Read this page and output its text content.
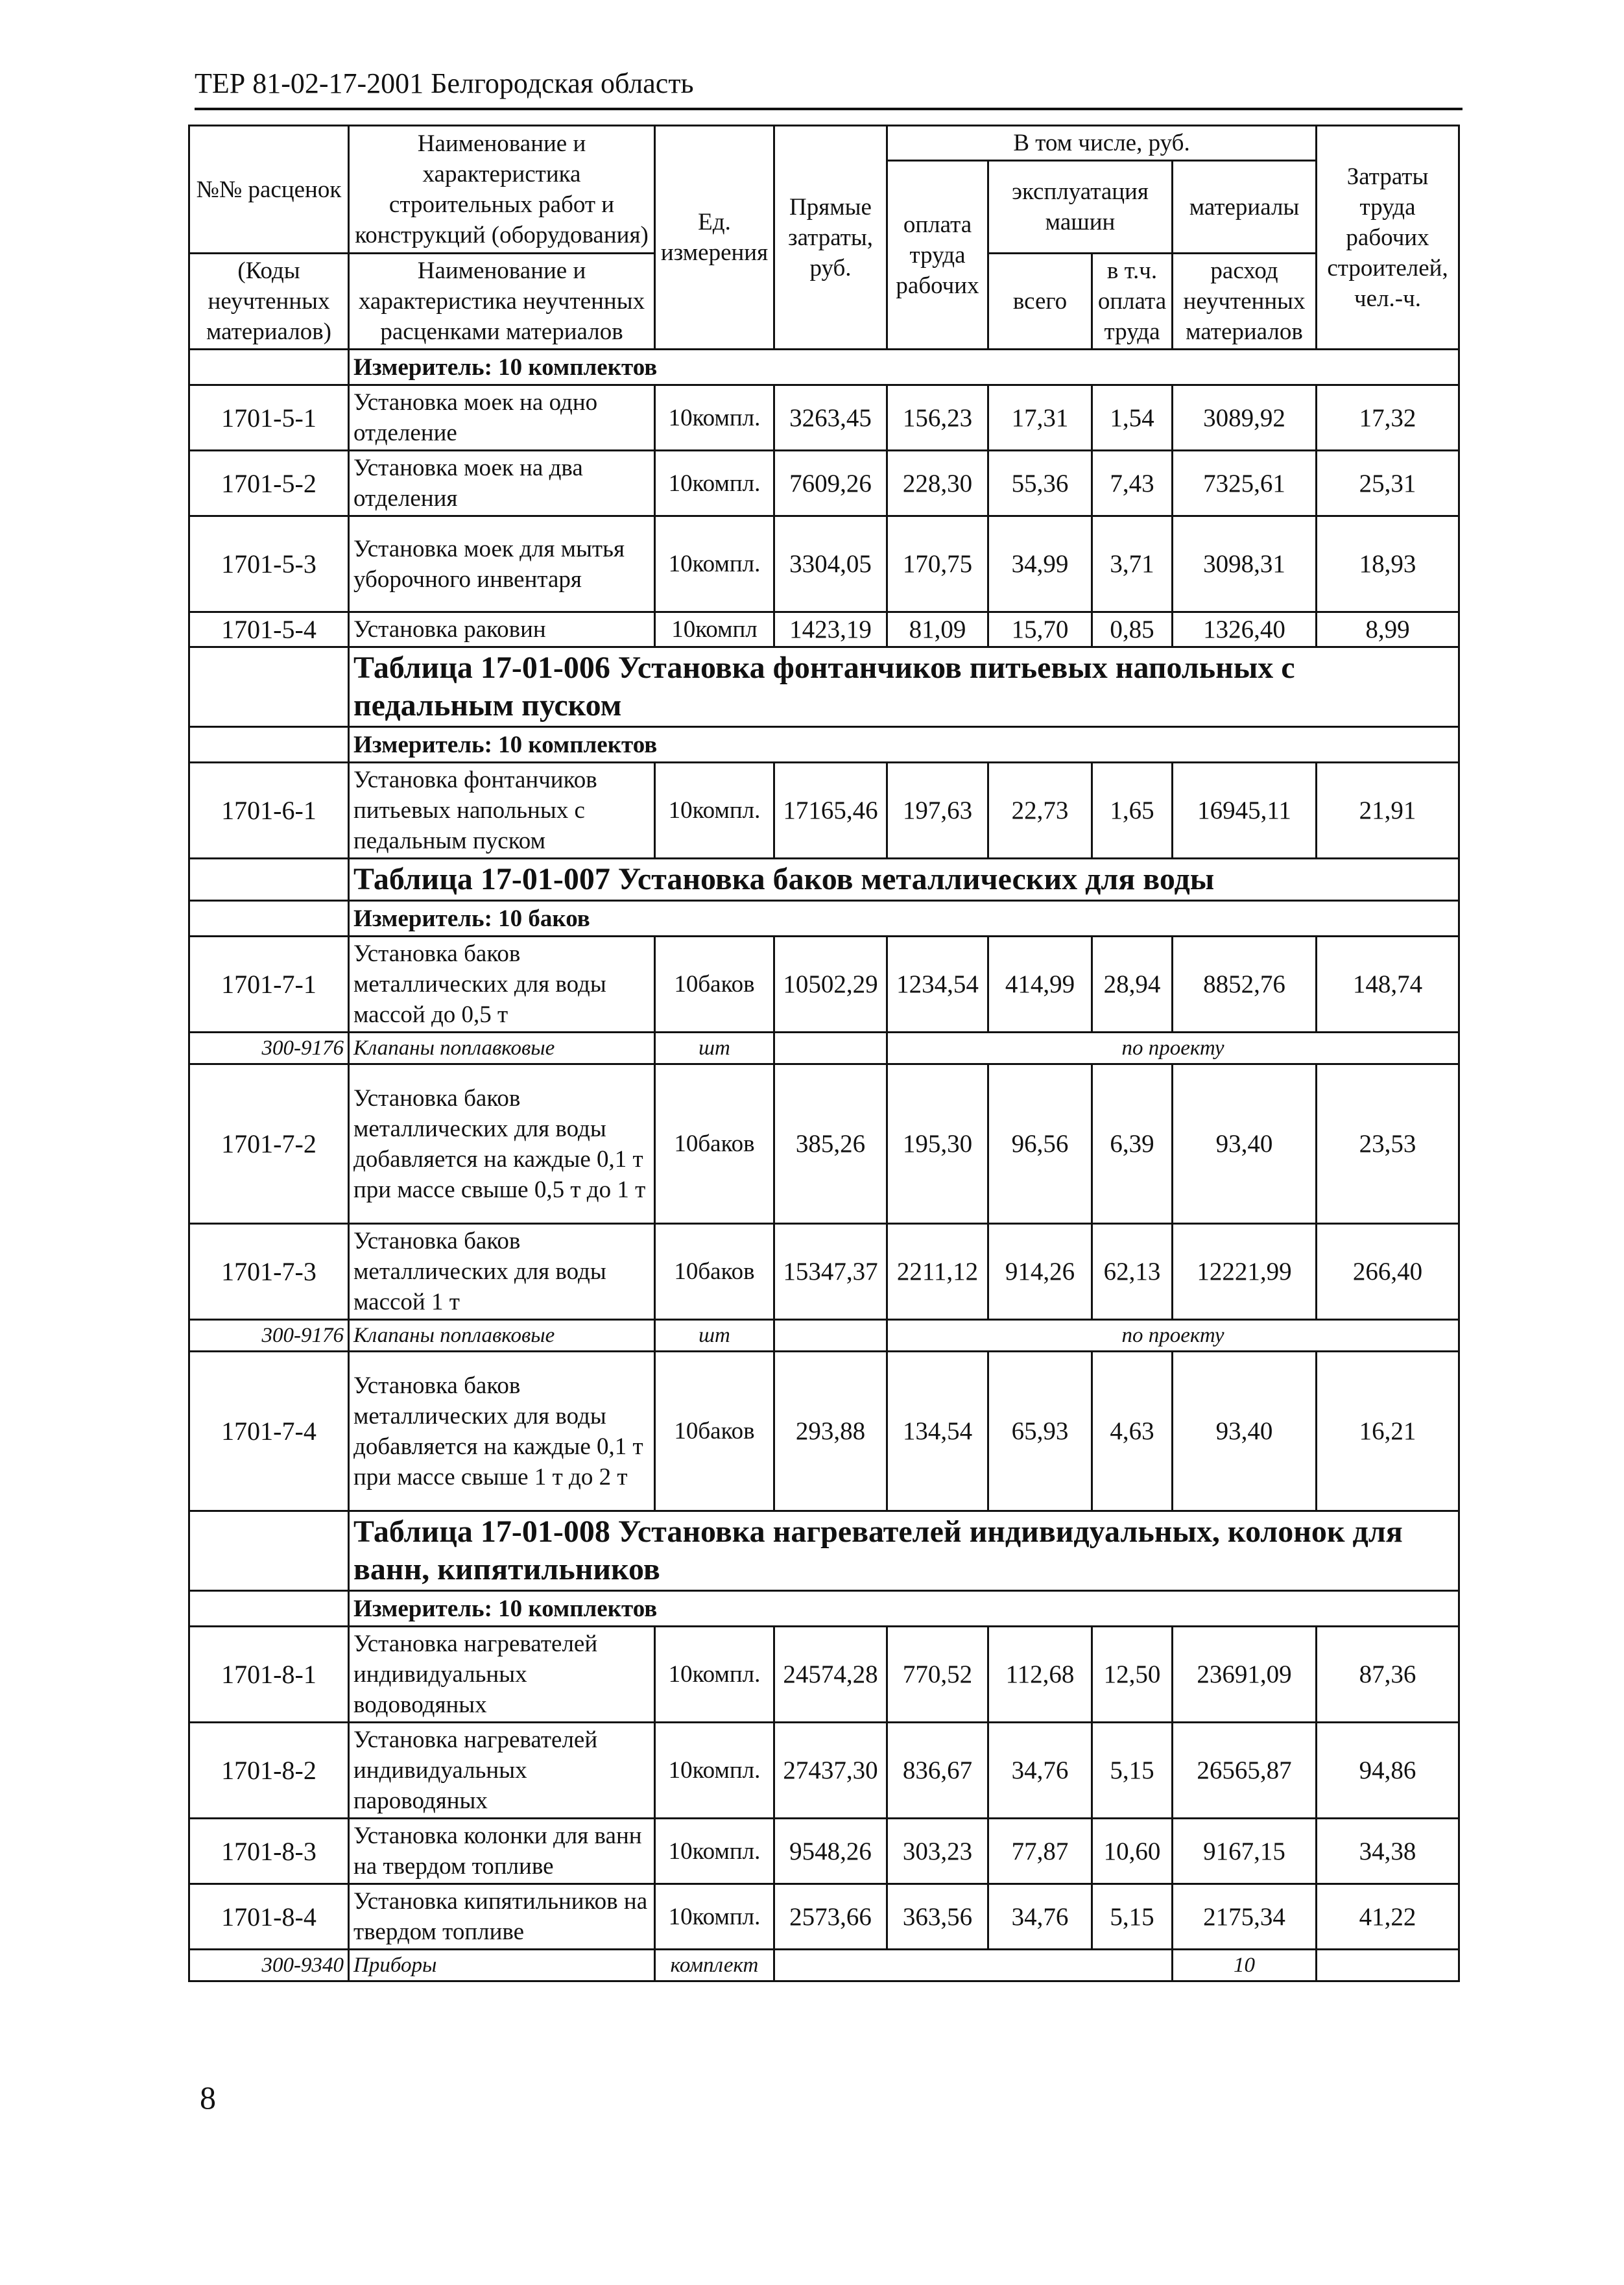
ТЕР 81-02-17-2001 Белгородская область
№№ расценок	Наименование и характеристика строительных работ и конструкций (оборудования)	Ед. измерения	Прямые затраты, руб.	В том числе, руб.				Затраты труда рабочих строителей, чел.-ч.
				оплата труда рабочих	эксплуатация машин		материалы	
(Коды неучтенных материалов)	Наименование и характеристика неучтенных расценками материалов				всего	в т.ч. оплата труда	расход неучтенных материалов	

	Измеритель: 10 комплектов							
1701-5-1	Установка моек на одно отделение	10компл.	3263,45	156,23	17,31	1,54	3089,92	17,32
1701-5-2	Установка моек на два отделения	10компл.	7609,26	228,30	55,36	7,43	7325,61	25,31
1701-5-3	Установка моек для мытья уборочного инвентаря	10компл.	3304,05	170,75	34,99	3,71	3098,31	18,93
1701-5-4	Установка раковин	10компл	1423,19	81,09	15,70	0,85	1326,40	8,99
	Таблица 17-01-006 Установка фонтанчиков питьевых напольных с педальным пуском							
	Измеритель: 10 комплектов							
1701-6-1	Установка фонтанчиков питьевых напольных с педальным пуском	10компл.	17165,46	197,63	22,73	1,65	16945,11	21,91
	Таблица 17-01-007 Установка баков металлических для воды							
	Измеритель: 10 баков							
1701-7-1	Установка баков металлических для воды массой до 0,5 т	10баков	10502,29	1234,54	414,99	28,94	8852,76	148,74
300-9176	Клапаны поплавковые	шт		по проекту				
1701-7-2	Установка баков металлических для воды добавляется на каждые 0,1 т при массе свыше 0,5 т до 1 т	10баков	385,26	195,30	96,56	6,39	93,40	23,53
1701-7-3	Установка баков металлических для воды массой 1 т	10баков	15347,37	2211,12	914,26	62,13	12221,99	266,40
300-9176	Клапаны поплавковые	шт		по проекту				
1701-7-4	Установка баков металлических для воды добавляется на каждые 0,1 т при массе свыше 1 т до 2 т	10баков	293,88	134,54	65,93	4,63	93,40	16,21
	Таблица 17-01-008 Установка нагревателей индивидуальных, колонок для ванн, кипятильников							
	Измеритель: 10 комплектов							
1701-8-1	Установка нагревателей индивидуальных водоводяных	10компл.	24574,28	770,52	112,68	12,50	23691,09	87,36
1701-8-2	Установка нагревателей индивидуальных пароводяных	10компл.	27437,30	836,67	34,76	5,15	26565,87	94,86
1701-8-3	Установка колонки для ванн на твердом топливе	10компл.	9548,26	303,23	77,87	10,60	9167,15	34,38
1701-8-4	Установка кипятильников на твердом топливе	10компл.	2573,66	363,56	34,76	5,15	2175,34	41,22
300-9340	Приборы	комплект					10	
8
